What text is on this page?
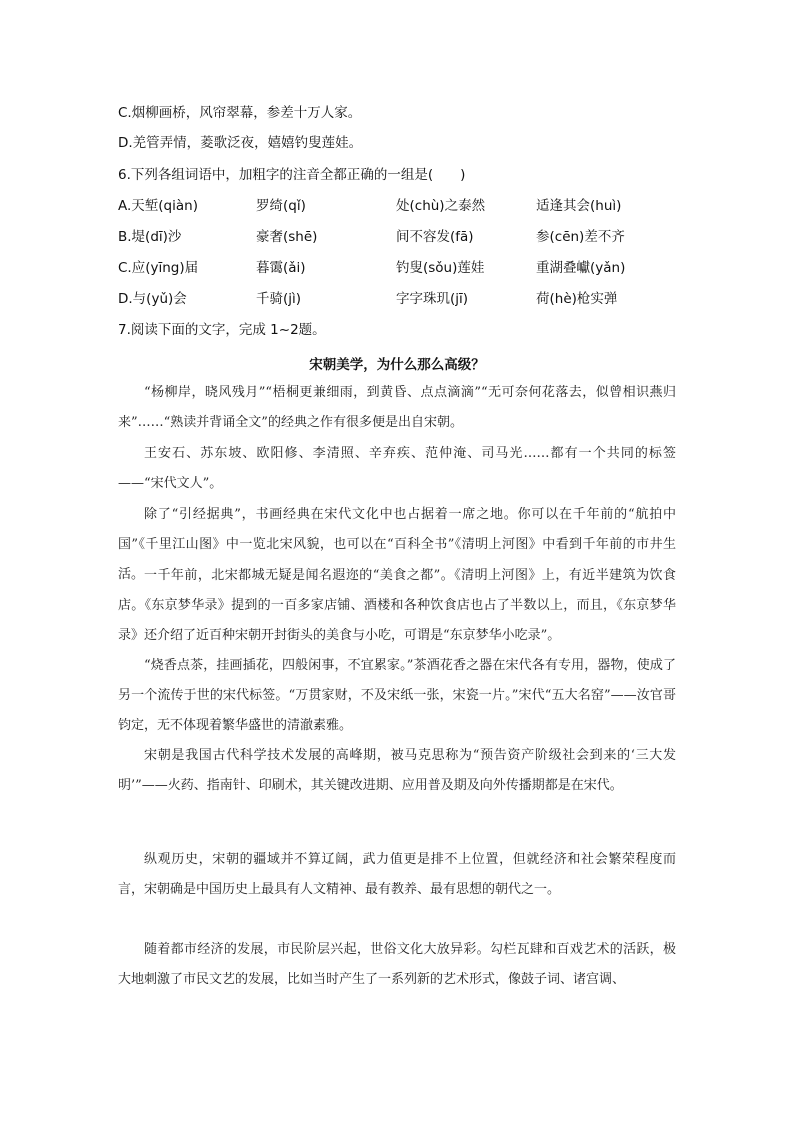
C.烟柳画桥，风帘翠幕，参差十万人家。
D.羌管弄情，菱歌泛夜，嬉嬉钓叟莲娃。
6.下列各组词语中，加粗字的注音全都正确的一组是(　　)
A.天堑(qiàn)	罗绮(qǐ)	处(chù)之泰然	适逢其会(huì)
B.堤(dī)沙	豪奢(shē)	间不容发(fā)	参(cēn)差不齐
C.应(yīng)届	暮霭(ǎi)	钓叟(sǒu)莲娃	重湖叠巘(yǎn)
D.与(yǔ)会	千骑(jì)	字字珠玑(jī)	荷(hè)枪实弹
7.阅读下面的文字，完成 1~2题。
宋朝美学，为什么那么高级？
“杨柳岸，晓风残月”“梧桐更兼细雨，到黄昏、点点滴滴”“无可奈何花落去，似曾相识燕归来”……“熟读并背诵全文”的经典之作有很多便是出自宋朝。
王安石、苏东坡、欧阳修、李清照、辛弃疾、范仲淹、司马光……都有一个共同的标签——“宋代文人”。
除了“引经据典”，书画经典在宋代文化中也占据着一席之地。你可以在千年前的“航拍中国”《千里江山图》中一览北宋风貌，也可以在“百科全书”《清明上河图》中看到千年前的市井生活。 一千年前，北宋都城无疑是闻名遐迩的“美食之都”。《清明上河图》上，有近半建筑为饮食店。《东京梦华录》提到的一百多家店铺、酒楼和各种饮食店也占了半数以上，而且，《东京梦华录》还介绍了近百种宋朝开封街头的美食与小吃，可谓是“东京梦华小吃录”。
“烧香点茶，挂画插花，四般闲事，不宜累家。”茶酒花香之器在宋代各有专用，器物，使成了另一个流传于世的宋代标签。“万贯家财，不及宋纸一张，宋瓷一片。”宋代“五大名窑”——汝官哥钧定，无不体现着繁华盛世的清澈素雅。
宋朝是我国古代科学技术发展的高峰期，被马克思称为“预告资产阶级社会到来的‘三大发明’”——火药、指南针、印刷术，其关键改进期、应用普及期及向外传播期都是在宋代。
纵观历史，宋朝的疆域并不算辽阔，武力值更是排不上位置，但就经济和社会繁荣程度而言，宋朝确是中国历史上最具有人文精神、最有教养、最有思想的朝代之一。
随着都市经济的发展，市民阶层兴起，世俗文化大放异彩。勾栏瓦肆和百戏艺术的活跃，极大地刺激了市民文艺的发展，比如当时产生了一系列新的艺术形式，像鼓子词、诸宫调、
